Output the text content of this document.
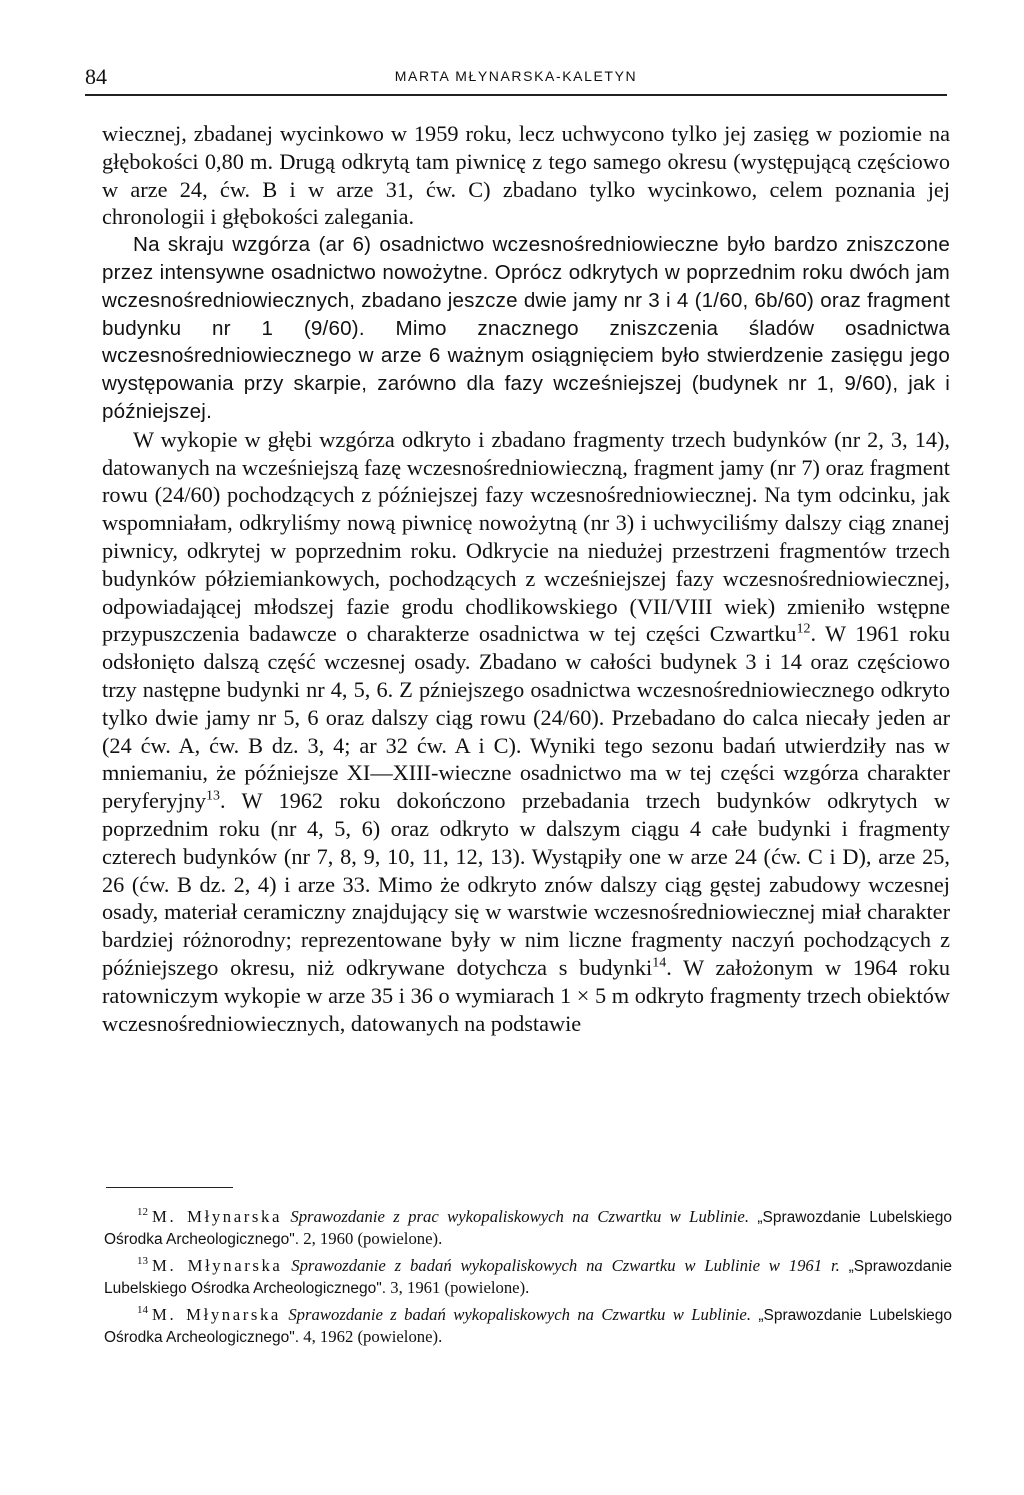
84	MARTA MŁYNARSKA-KALETYN

wiecznej, zbadanej wycinkowo w 1959 roku, lecz uchwycono tylko jej zasięg w poziomie na głębokości 0,80 m. Drugą odkrytą tam piwnicę z tego samego okresu (występującą częściowo w arze 24, ćw. B i w arze 31, ćw. C) zbadano tylko wycinkowo, celem poznania jej chronologii i głębokości zalegania.

Na skraju wzgórza (ar 6) osadnictwo wczesnośredniowieczne było bardzo zniszczone przez intensywne osadnictwo nowożytne. Oprócz odkrytych w poprzednim roku dwóch jam wczesnośredniowiecznych, zbadano jeszcze dwie jamy nr 3 i 4 (1/60, 6b/60) oraz fragment budynku nr 1 (9/60). Mimo znacznego zniszczenia śladów osadnictwa wczesnośredniowiecznego w arze 6 ważnym osiągnięciem było stwierdzenie zasięgu jego występowania przy skarpie, zarówno dla fazy wcześniejszej (budynek nr 1, 9/60), jak i późniejszej.

W wykopie w głębi wzgórza odkryto i zbadano fragmenty trzech budynków (nr 2, 3, 14), datowanych na wcześniejszą fazę wczesnośredniowieczną, fragment jamy (nr 7) oraz fragment rowu (24/60) pochodzących z późniejszej fazy wczesnośredniowiecznej. Na tym odcinku, jak wspomniałam, odkryliśmy nową piwnicę nowożytną (nr 3) i uchwyciliśmy dalszy ciąg znanej piwnicy, odkrytej w poprzednim roku. Odkrycie na niedużej przestrzeni fragmentów trzech budynków półziemiankowych, pochodzących z wcześniejszej fazy wczesnośredniowiecznej, odpowiadającej młodszej fazie grodu chodlikowskiego (VII/VIII wiek) zmieniło wstępne przypuszczenia badawcze o charakterze osadnictwa w tej części Czwartku$^{12}$. W 1961 roku odsłonięto dalszą część wczesnej osady. Zbadano w całości budynek 3 i 14 oraz częściowo trzy następne budynki nr 4, 5, 6. Z pźniejszego osadnictwa wczesnośredniowiecznego odkryto tylko dwie jamy nr 5, 6 oraz dalszy ciąg rowu (24/60). Przebadano do calca niecały jeden ar (24 ćw. A, ćw. B dz. 3, 4; ar 32 ćw. A i C). Wyniki tego sezonu badań utwierdziły nas w mniemaniu, że późniejsze XI—XIII-wieczne osadnictwo ma w tej części wzgórza charakter peryferyjny$^{13}$. W 1962 roku dokończono przebadania trzech budynków odkrytych w poprzednim roku (nr 4, 5, 6) oraz odkryto w dalszym ciągu 4 całe budynki i fragmenty czterech budynków (nr 7, 8, 9, 10, 11, 12, 13). Wystąpiły one w arze 24 (ćw. C i D), arze 25, 26 (ćw. B dz. 2, 4) i arze 33. Mimo że odkryto znów dalszy ciąg gęstej zabudowy wczesnej osady, materiał ceramiczny znajdujący się w warstwie wczesnośredniowiecznej miał charakter bardziej różnorodny; reprezentowane były w nim liczne fragmenty naczyń pochodzących z późniejszego okresu, niż odkrywane dotychcza s budynki$^{14}$. W założonym w 1964 roku ratowniczym wykopie w arze 35 i 36 o wymiarach 1 × 5 m odkryto fragmenty trzech obiektów wczesnośredniowiecznych, datowanych na podstawie

$^{12}$ M. Młynarska Sprawozdanie z prac wykopaliskowych na Czwartku w Lublinie. „Sprawozdanie Lubelskiego Ośrodka Archeologicznego". 2, 1960 (powielone).

$^{13}$ M. Młynarska Sprawozdanie z badań wykopaliskowych na Czwartku w Lublinie w 1961 r. „Sprawozdanie Lubelskiego Ośrodka Archeologicznego". 3, 1961 (powielone).

$^{14}$ M. Młynarska Sprawozdanie z badań wykopaliskowych na Czwartku w Lublinie. „Sprawozdanie Lubelskiego Ośrodka Archeologicznego". 4, 1962 (powielone).
